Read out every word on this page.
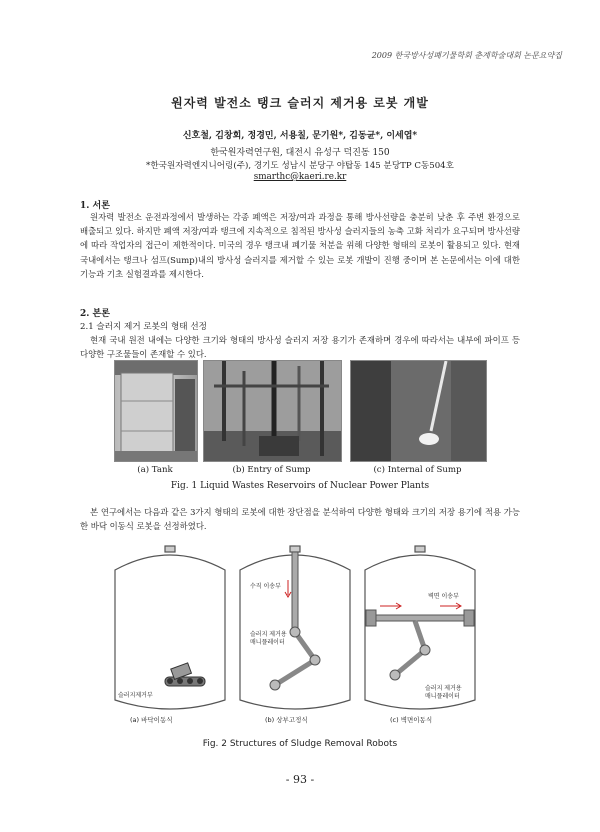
2009 한국방사성폐기물학회 춘계학술대회 논문요약집
원자력 발전소 탱크 슬러지 제거용 로봇 개발
신호철, 김창회, 정경민, 서용칠, 문기원*, 김동균*, 이세엽*
한국원자력연구원, 대전시 유성구 덕진동 150
*한국원자력엔지니어링(주), 경기도 성남시 분당구 야탑동 145 분당TP C동504호
smarthc@kaeri.re.kr
1. 서론
원자력 발전소 운전과정에서 발생하는 각종 폐액은 저장/여과 과정을 통해 방사선량을 충분히 낮춘 후 주변 환경으로 배출되고 있다. 하지만 폐액 저장/여과 탱크에 지속적으로 침적된 방사성 슬러지들의 농축 고화 처리가 요구되며 방사선량에 따라 작업자의 접근이 제한적이다. 미국의 경우 탱크내 폐기물 처분을 위해 다양한 형태의 로봇이 활용되고 있다. 현재 국내에서는 탱크나 섬프(Sump)내의 방사성 슬러지를 제거할 수 있는 로봇 개발이 진행 중이며 본 논문에서는 이에 대한 기능과 기초 실험결과를 제시한다.
2. 본론
2.1 슬러지 제거 로봇의 형태 선정
현재 국내 원전 내에는 다양한 크기와 형태의 방사성 슬러지 저장 용기가 존재하며 경우에 따라서는 내부에 파이프 등 다양한 구조물들이 존재할 수 있다.
(a) Tank	(b) Entry of Sump	(c) Internal of Sump
Fig. 1 Liquid Wastes Reservoirs of Nuclear Power Plants
본 연구에서는 다음과 같은 3가지 형태의 로봇에 대한 장단점을 분석하여 다양한 형태와 크기의 저장 용기에 적용 가능한 바닥 이동식 로봇을 선정하였다.
슬러지제거부
수직 이송부
슬러지 제거용
매니플레이터
벽면 이송부
슬러지 제거용
매니플레이터
(a) 바닥이동식	(b) 상부고정식	(c) 벽면이동식
Fig. 2 Structures of Sludge Removal Robots
- 93 -
